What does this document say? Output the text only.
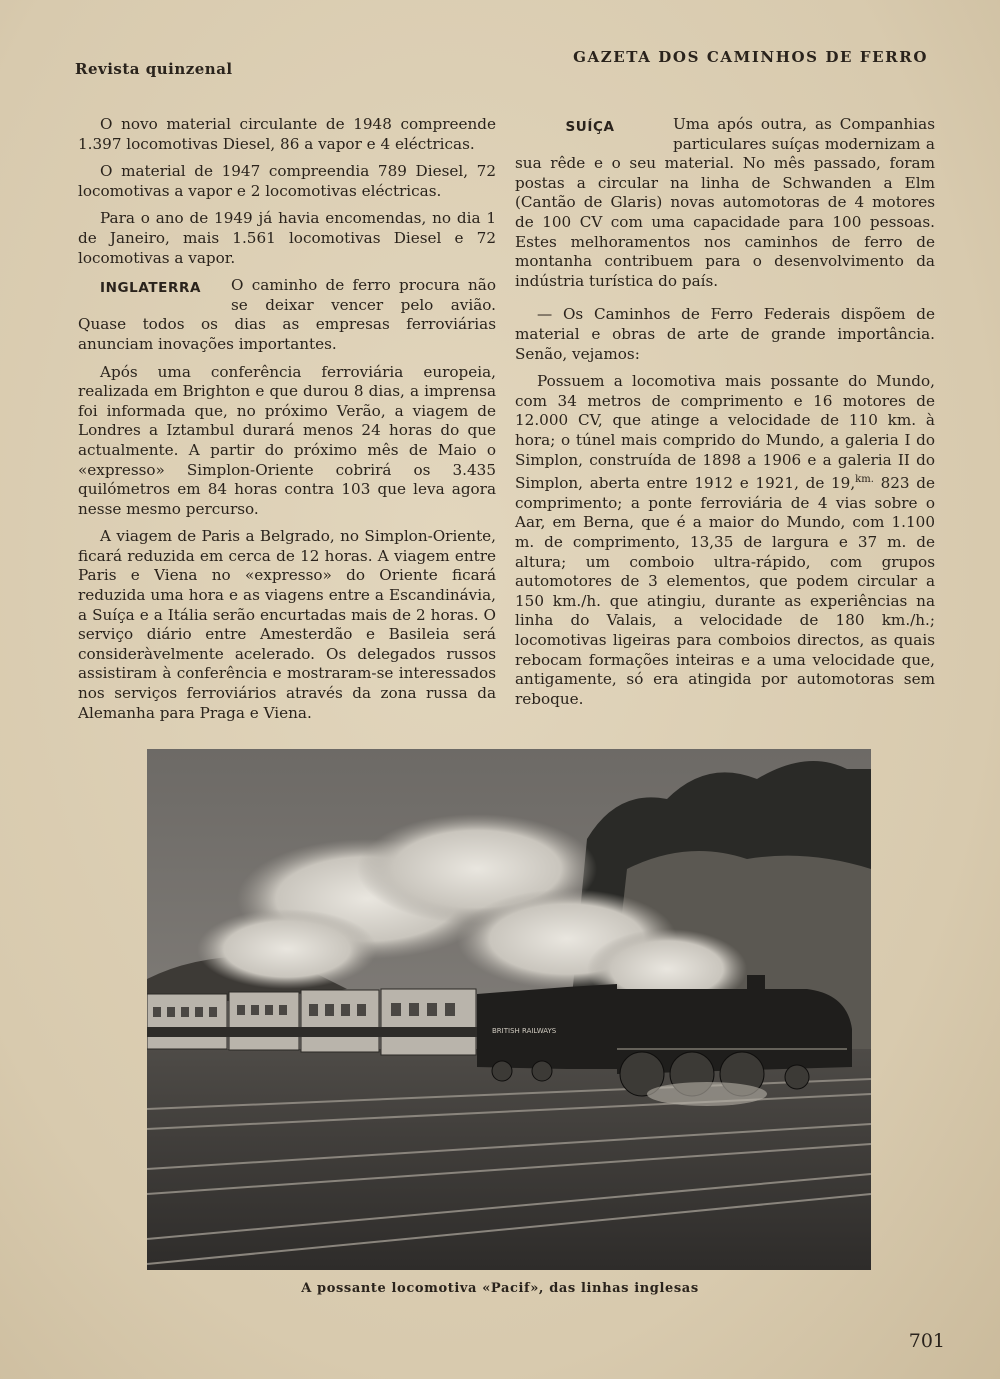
Revista quinzenal
GAZETA DOS CAMINHOS DE FERRO

O novo material circulante de 1948 compreende 1.397 locomotivas Diesel, 86 a vapor e 4 eléctricas.

O material de 1947 compreendia 789 Diesel, 72 locomotivas a vapor e 2 locomotivas eléctricas.

Para o ano de 1949 já havia encomendas, no dia 1 de Janeiro, mais 1.561 locomotivas Diesel e 72 locomotivas a vapor.

INGLATERRA	O caminho de ferro procura não se deixar vencer pelo avião. Quase todos os dias as empresas ferroviárias anunciam inovações importantes.

Após uma conferência ferroviária europeia, realizada em Brighton e que durou 8 dias, a imprensa foi informada que, no próximo Verão, a viagem de Londres a Iztambul durará menos 24 horas do que actualmente. A partir do próximo mês de Maio o «expresso» Simplon-Oriente cobrirá os 3.435 quilómetros em 84 horas contra 103 que leva agora nesse mesmo percurso.

A viagem de Paris a Belgrado, no Simplon-Oriente, ficará reduzida em cerca de 12 horas. A viagem entre Paris e Viena no «expresso» do Oriente ficará reduzida uma hora e as viagens entre a Escandinávia, a Suíça e a Itália serão encurtadas mais de 2 horas. O serviço diário entre Amesterdão e Basileia será consideràvelmente acelerado. Os delegados russos assistiram à conferência e mostraram-se interessados nos serviços ferroviários através da zona russa da Alemanha para Praga e Viena.

SUÍÇA	Uma após outra, as Companhias particulares suíças modernizam a sua rêde e o seu material. No mês passado, foram postas a circular na linha de Schwanden a Elm (Cantão de Glaris) novas automotoras de 4 motores de 100 CV com uma capacidade para 100 pessoas. Estes melhoramentos nos caminhos de ferro de montanha contribuem para o desenvolvimento da indústria turística do país.

— Os Caminhos de Ferro Federais dispõem de material e obras de arte de grande importância. Senão, vejamos:

Possuem a locomotiva mais possante do Mundo, com 34 metros de comprimento e 16 motores de 12.000 CV, que atinge a velocidade de 110 km. à hora; o túnel mais comprido do Mundo, a galeria I do Simplon, construída de 1898 a 1906 e a galeria II do Simplon, aberta entre 1912 e 1921, de 19,$^{km.}$ 823 de comprimento; a ponte ferroviária de 4 vias sobre o Aar, em Berna, que é a maior do Mundo, com 1.100 m. de comprimento, 13,35 de largura e 37 m. de altura; um comboio ultra-rápido, com grupos automotores de 3 elementos, que podem circular a 150 km./h. que atingiu, durante as experiências na linha do Valais, a velocidade de 180 km./h.; locomotivas ligeiras para comboios directos, as quais rebocam formações inteiras e a uma velocidade que, antigamente, só era atingida por automotoras sem reboque.

BRITISH RAILWAYS
A possante locomotiva «Pacif», das linhas inglesas
701
